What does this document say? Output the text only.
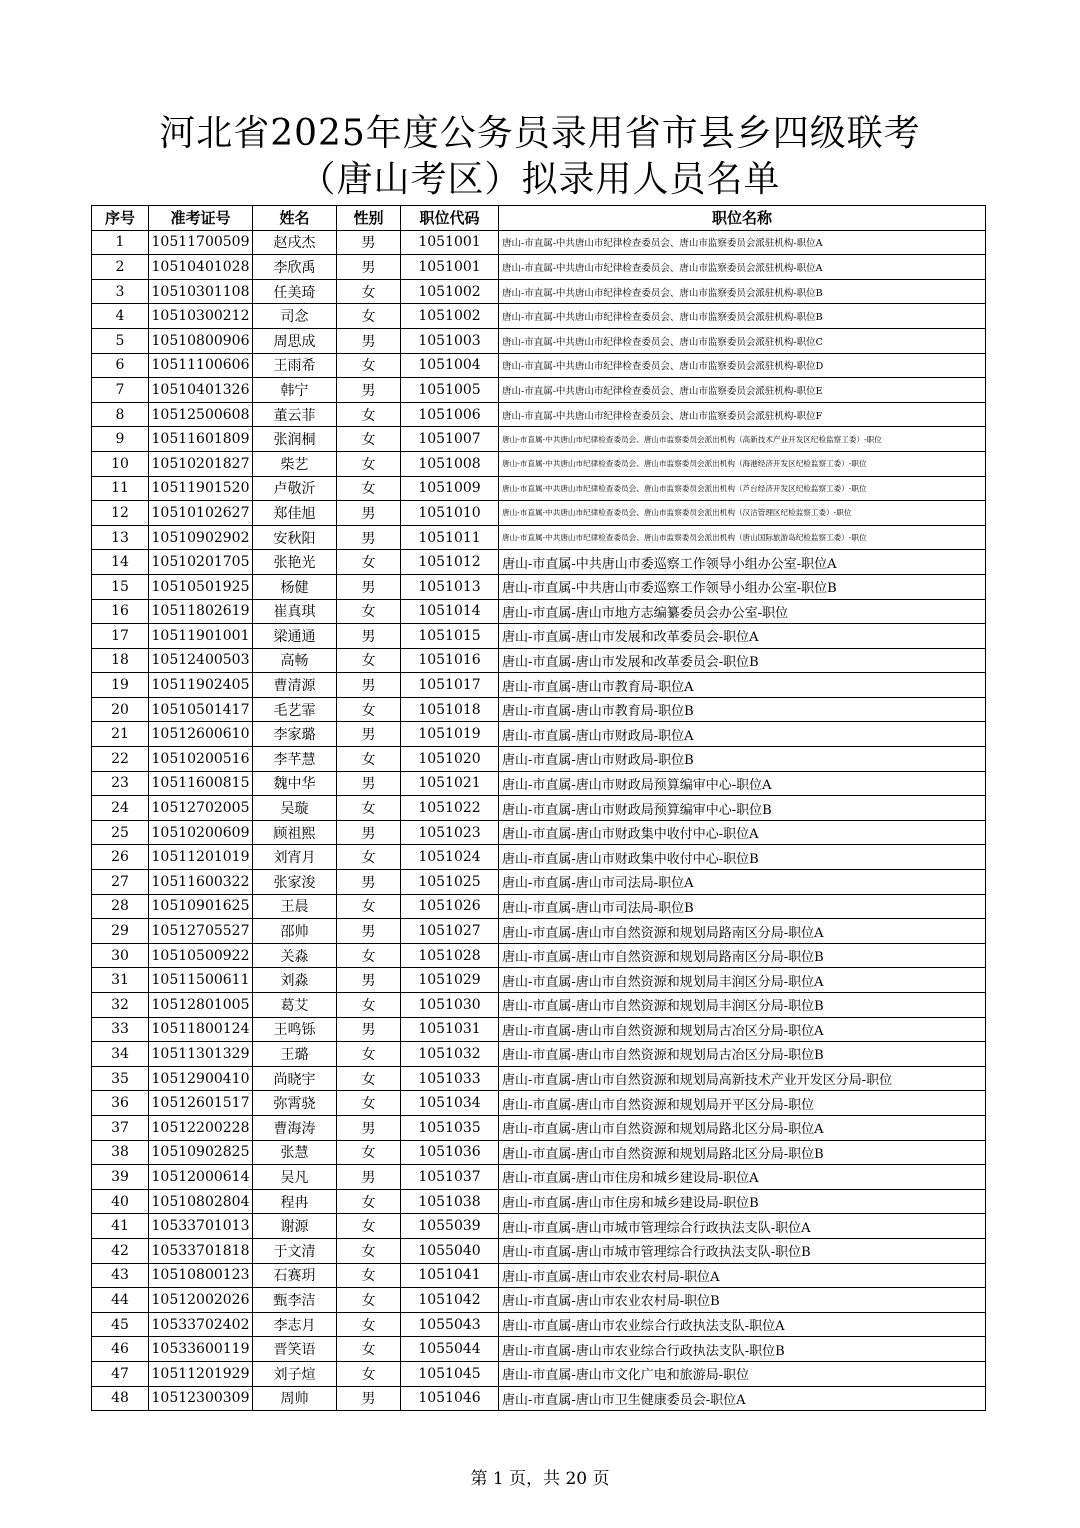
河北省2025年度公务员录用省市县乡四级联考
（唐山考区）拟录用人员名单
序号	准考证号	姓名	性别	职位代码	职位名称
1	10511700509	赵戌杰	男	1051001	唐山-市直属-中共唐山市纪律检查委员会、唐山市监察委员会派驻机构-职位A
2	10510401028	李欣禹	男	1051001	唐山-市直属-中共唐山市纪律检查委员会、唐山市监察委员会派驻机构-职位A
3	10510301108	任美琦	女	1051002	唐山-市直属-中共唐山市纪律检查委员会、唐山市监察委员会派驻机构-职位B
4	10510300212	司念	女	1051002	唐山-市直属-中共唐山市纪律检查委员会、唐山市监察委员会派驻机构-职位B
5	10510800906	周思成	男	1051003	唐山-市直属-中共唐山市纪律检查委员会、唐山市监察委员会派驻机构-职位C
6	10511100606	王雨希	女	1051004	唐山-市直属-中共唐山市纪律检查委员会、唐山市监察委员会派驻机构-职位D
7	10510401326	韩宁	男	1051005	唐山-市直属-中共唐山市纪律检查委员会、唐山市监察委员会派驻机构-职位E
8	10512500608	董云菲	女	1051006	唐山-市直属-中共唐山市纪律检查委员会、唐山市监察委员会派驻机构-职位F
9	10511601809	张润桐	女	1051007	唐山-市直属-中共唐山市纪律检查委员会、唐山市监察委员会派出机构（高新技术产业开发区纪检监察工委）-职位
10	10510201827	柴艺	女	1051008	唐山-市直属-中共唐山市纪律检查委员会、唐山市监察委员会派出机构（海港经济开发区纪检监察工委）-职位
11	10511901520	卢敬沂	女	1051009	唐山-市直属-中共唐山市纪律检查委员会、唐山市监察委员会派出机构（芦台经济开发区纪检监察工委）-职位
12	10510102627	郑佳旭	男	1051010	唐山-市直属-中共唐山市纪律检查委员会、唐山市监察委员会派出机构（汉沽管理区纪检监察工委）-职位
13	10510902902	安秋阳	男	1051011	唐山-市直属-中共唐山市纪律检查委员会、唐山市监察委员会派出机构（唐山国际旅游岛纪检监察工委）-职位
14	10510201705	张艳光	女	1051012	唐山-市直属-中共唐山市委巡察工作领导小组办公室-职位A
15	10510501925	杨健	男	1051013	唐山-市直属-中共唐山市委巡察工作领导小组办公室-职位B
16	10511802619	崔真琪	女	1051014	唐山-市直属-唐山市地方志编纂委员会办公室-职位
17	10511901001	梁通通	男	1051015	唐山-市直属-唐山市发展和改革委员会-职位A
18	10512400503	高畅	女	1051016	唐山-市直属-唐山市发展和改革委员会-职位B
19	10511902405	曹清源	男	1051017	唐山-市直属-唐山市教育局-职位A
20	10510501417	毛艺霏	女	1051018	唐山-市直属-唐山市教育局-职位B
21	10512600610	李家璐	男	1051019	唐山-市直属-唐山市财政局-职位A
22	10510200516	李芊慧	女	1051020	唐山-市直属-唐山市财政局-职位B
23	10511600815	魏中华	男	1051021	唐山-市直属-唐山市财政局预算编审中心-职位A
24	10512702005	吴璇	女	1051022	唐山-市直属-唐山市财政局预算编审中心-职位B
25	10510200609	顾祖熙	男	1051023	唐山-市直属-唐山市财政集中收付中心-职位A
26	10511201019	刘宵月	女	1051024	唐山-市直属-唐山市财政集中收付中心-职位B
27	10511600322	张家浚	男	1051025	唐山-市直属-唐山市司法局-职位A
28	10510901625	王晨	女	1051026	唐山-市直属-唐山市司法局-职位B
29	10512705527	邵帅	男	1051027	唐山-市直属-唐山市自然资源和规划局路南区分局-职位A
30	10510500922	关淼	女	1051028	唐山-市直属-唐山市自然资源和规划局路南区分局-职位B
31	10511500611	刘淼	男	1051029	唐山-市直属-唐山市自然资源和规划局丰润区分局-职位A
32	10512801005	葛艾	女	1051030	唐山-市直属-唐山市自然资源和规划局丰润区分局-职位B
33	10511800124	王鸣铄	男	1051031	唐山-市直属-唐山市自然资源和规划局古冶区分局-职位A
34	10511301329	王璐	女	1051032	唐山-市直属-唐山市自然资源和规划局古冶区分局-职位B
35	10512900410	尚晓宇	女	1051033	唐山-市直属-唐山市自然资源和规划局高新技术产业开发区分局-职位
36	10512601517	弥霄骁	女	1051034	唐山-市直属-唐山市自然资源和规划局开平区分局-职位
37	10512200228	曹海涛	男	1051035	唐山-市直属-唐山市自然资源和规划局路北区分局-职位A
38	10510902825	张慧	女	1051036	唐山-市直属-唐山市自然资源和规划局路北区分局-职位B
39	10512000614	吴凡	男	1051037	唐山-市直属-唐山市住房和城乡建设局-职位A
40	10510802804	程冉	女	1051038	唐山-市直属-唐山市住房和城乡建设局-职位B
41	10533701013	谢源	女	1055039	唐山-市直属-唐山市城市管理综合行政执法支队-职位A
42	10533701818	于文清	女	1055040	唐山-市直属-唐山市城市管理综合行政执法支队-职位B
43	10510800123	石赛玥	女	1051041	唐山-市直属-唐山市农业农村局-职位A
44	10512002026	甄李洁	女	1051042	唐山-市直属-唐山市农业农村局-职位B
45	10533702402	李志月	女	1055043	唐山-市直属-唐山市农业综合行政执法支队-职位A
46	10533600119	晋笑语	女	1055044	唐山-市直属-唐山市农业综合行政执法支队-职位B
47	10511201929	刘子煊	女	1051045	唐山-市直属-唐山市文化广电和旅游局-职位
48	10512300309	周帅	男	1051046	唐山-市直属-唐山市卫生健康委员会-职位A
第 1 页，共 20 页
